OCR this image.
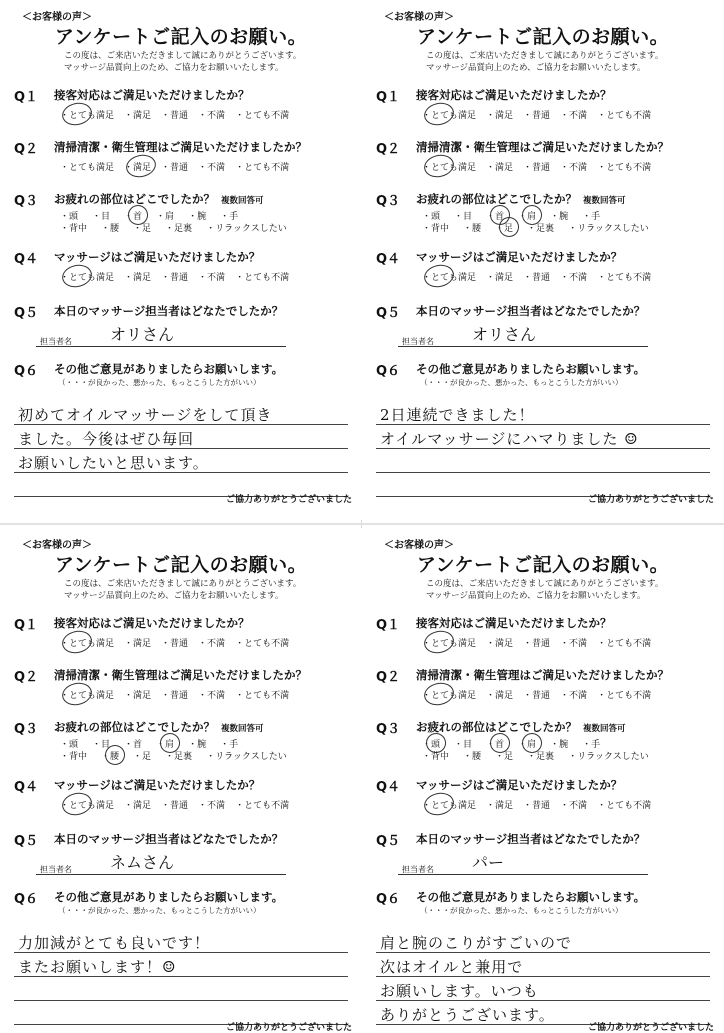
＜お客様の声＞
アンケートご記入のお願い。
この度は、ご来店いただきまして誠にありがとうございます。
マッサージ品質向上のため、ご協力をお願いいたします。
Q１ 接客対応はご満足いただけましたか？
・とても満足 ・満足 ・普通 ・不満 ・とても不満
Q２ 清掃清潔・衛生管理はご満足いただけましたか？
・とても満足 ・満足 ・普通 ・不満 ・とても不満
Q３ お疲れの部位はどこでしたか？ 複数回答可
・頭 ・目 ・首 ・肩 ・腕 ・手
・背中 ・腰 ・足 ・足裏 ・リラックスしたい
Q４ マッサージはご満足いただけましたか？
・とても満足 ・満足 ・普通 ・不満 ・とても不満
Q５ 本日のマッサージ担当者はどなたでしたか？
担当者名 オリさん
Q６ その他ご意見がありましたらお願いします。
（・・・が良かった、悪かった、もっとこうした方がいい）
初めてオイルマッサージをして頂き
ました。今後はぜひ毎回
お願いしたいと思います。
ご協力ありがとうございました
＜お客様の声＞
アンケートご記入のお願い。
この度は、ご来店いただきまして誠にありがとうございます。
マッサージ品質向上のため、ご協力をお願いいたします。
Q１ 接客対応はご満足いただけましたか？
・とても満足 ・満足 ・普通 ・不満 ・とても不満
Q２ 清掃清潔・衛生管理はご満足いただけましたか？
・とても満足 ・満足 ・普通 ・不満 ・とても不満
Q３ お疲れの部位はどこでしたか？ 複数回答可
・頭 ・目 ・首 ・肩 ・腕 ・手
・背中 ・腰 ・足 ・足裏 ・リラックスしたい
Q４ マッサージはご満足いただけましたか？
・とても満足 ・満足 ・普通 ・不満 ・とても不満
Q５ 本日のマッサージ担当者はどなたでしたか？
担当者名 オリさん
Q６ その他ご意見がありましたらお願いします。
（・・・が良かった、悪かった、もっとこうした方がいい）
2日連続できました！
オイルマッサージにハマりました ☺
ご協力ありがとうございました
＜お客様の声＞
アンケートご記入のお願い。
この度は、ご来店いただきまして誠にありがとうございます。
マッサージ品質向上のため、ご協力をお願いいたします。
Q１ 接客対応はご満足いただけましたか？
・とても満足 ・満足 ・普通 ・不満 ・とても不満
Q２ 清掃清潔・衛生管理はご満足いただけましたか？
・とても満足 ・満足 ・普通 ・不満 ・とても不満
Q３ お疲れの部位はどこでしたか？ 複数回答可
・頭 ・目 ・首 ・肩 ・腕 ・手
・背中 ・腰 ・足 ・足裏 ・リラックスしたい
Q４ マッサージはご満足いただけましたか？
・とても満足 ・満足 ・普通 ・不満 ・とても不満
Q５ 本日のマッサージ担当者はどなたでしたか？
担当者名 ネムさん
Q６ その他ご意見がありましたらお願いします。
（・・・が良かった、悪かった、もっとこうした方がいい）
力加減がとても良いです！
またお願いします！☺
ご協力ありがとうございました
＜お客様の声＞
アンケートご記入のお願い。
この度は、ご来店いただきまして誠にありがとうございます。
マッサージ品質向上のため、ご協力をお願いいたします。
Q１ 接客対応はご満足いただけましたか？
・とても満足 ・満足 ・普通 ・不満 ・とても不満
Q２ 清掃清潔・衛生管理はご満足いただけましたか？
・とても満足 ・満足 ・普通 ・不満 ・とても不満
Q３ お疲れの部位はどこでしたか？ 複数回答可
・頭 ・目 ・首 ・肩 ・腕 ・手
・背中 ・腰 ・足 ・足裏 ・リラックスしたい
Q４ マッサージはご満足いただけましたか？
・とても満足 ・満足 ・普通 ・不満 ・とても不満
Q５ 本日のマッサージ担当者はどなたでしたか？
担当者名 パー
Q６ その他ご意見がありましたらお願いします。
（・・・が良かった、悪かった、もっとこうした方がいい）
肩と腕のこりがすごいので
次はオイルと兼用で
お願いします。いつも
ありがとうございます。
ご協力ありがとうございました
